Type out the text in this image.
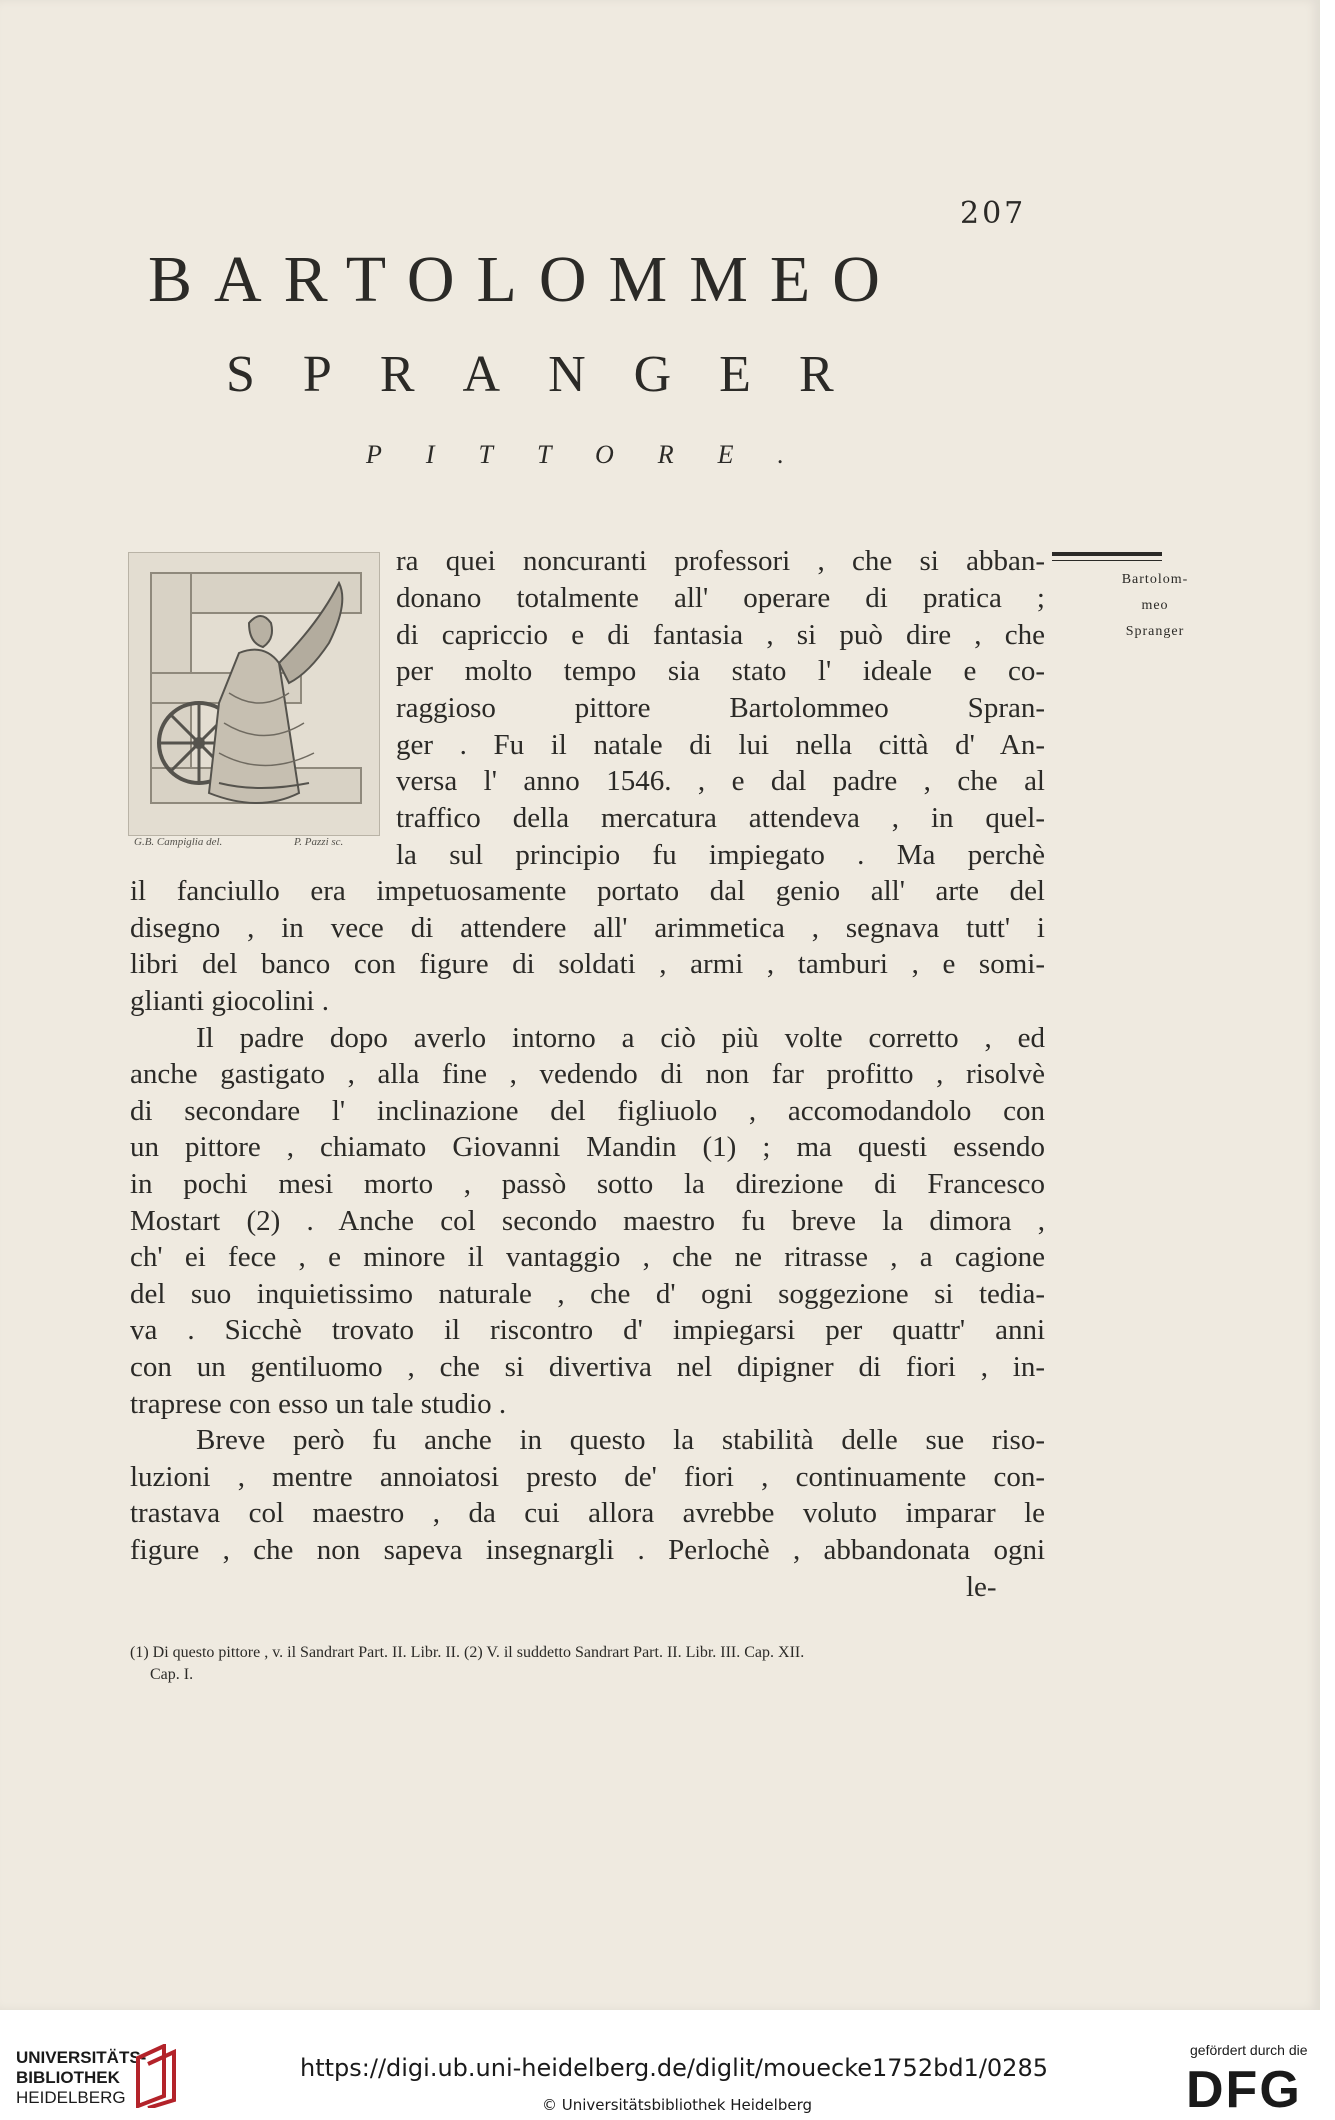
207
BARTOLOMMEO
SPRANGER
PITTORE.
G.B. Campiglia del.	P. Pazzi sc.
Bartolom-
meo
Spranger
ra quei noncuranti professori , che si abban-
donano totalmente all' operare di pratica ;
di capriccio e di fantasia , si può dire , che
per molto tempo sia stato l' ideale e co-
raggioso pittore Bartolommeo Spran-
ger . Fu il natale di lui nella città d' An-
versa l' anno 1546. , e dal padre , che al
traffico della mercatura attendeva , in quel-
la sul principio fu impiegato . Ma perchè
il fanciullo era impetuosamente portato dal genio all' arte del
disegno , in vece di attendere all' arimmetica , segnava tutt' i
libri del banco con figure di soldati , armi , tamburi , e somi-
glianti giocolini .
Il padre dopo averlo intorno a ciò più volte corretto , ed
anche gastigato , alla fine , vedendo di non far profitto , risolvè
di secondare l' inclinazione del figliuolo , accomodandolo con
un pittore , chiamato Giovanni Mandin (1) ; ma questi essendo
in pochi mesi morto , passò sotto la direzione di Francesco
Mostart (2) . Anche col secondo maestro fu breve la dimora ,
ch' ei fece , e minore il vantaggio , che ne ritrasse , a cagione
del suo inquietissimo naturale , che d' ogni soggezione si tedia-
va . Sicchè trovato il riscontro d' impiegarsi per quattr' anni
con un gentiluomo , che si divertiva nel dipigner di fiori , in-
traprese con esso un tale studio .
Breve però fu anche in questo la stabilità delle sue riso-
luzioni , mentre annoiatosi presto de' fiori , continuamente con-
trastava col maestro , da cui allora avrebbe voluto imparar le
figure , che non sapeva insegnargli . Perlochè , abbandonata ogni
le-
(1) Di questo pittore , v. il Sandrart Part. II. Libr. II. (2) V. il suddetto Sandrart Part. II. Libr. III. Cap. XII.
Cap. I.
UNIVERSITÄTS-
BIBLIOTHEK
HEIDELBERG
https://digi.ub.uni-heidelberg.de/diglit/mouecke1752bd1/0285
© Universitätsbibliothek Heidelberg
gefördert durch die
DFG
